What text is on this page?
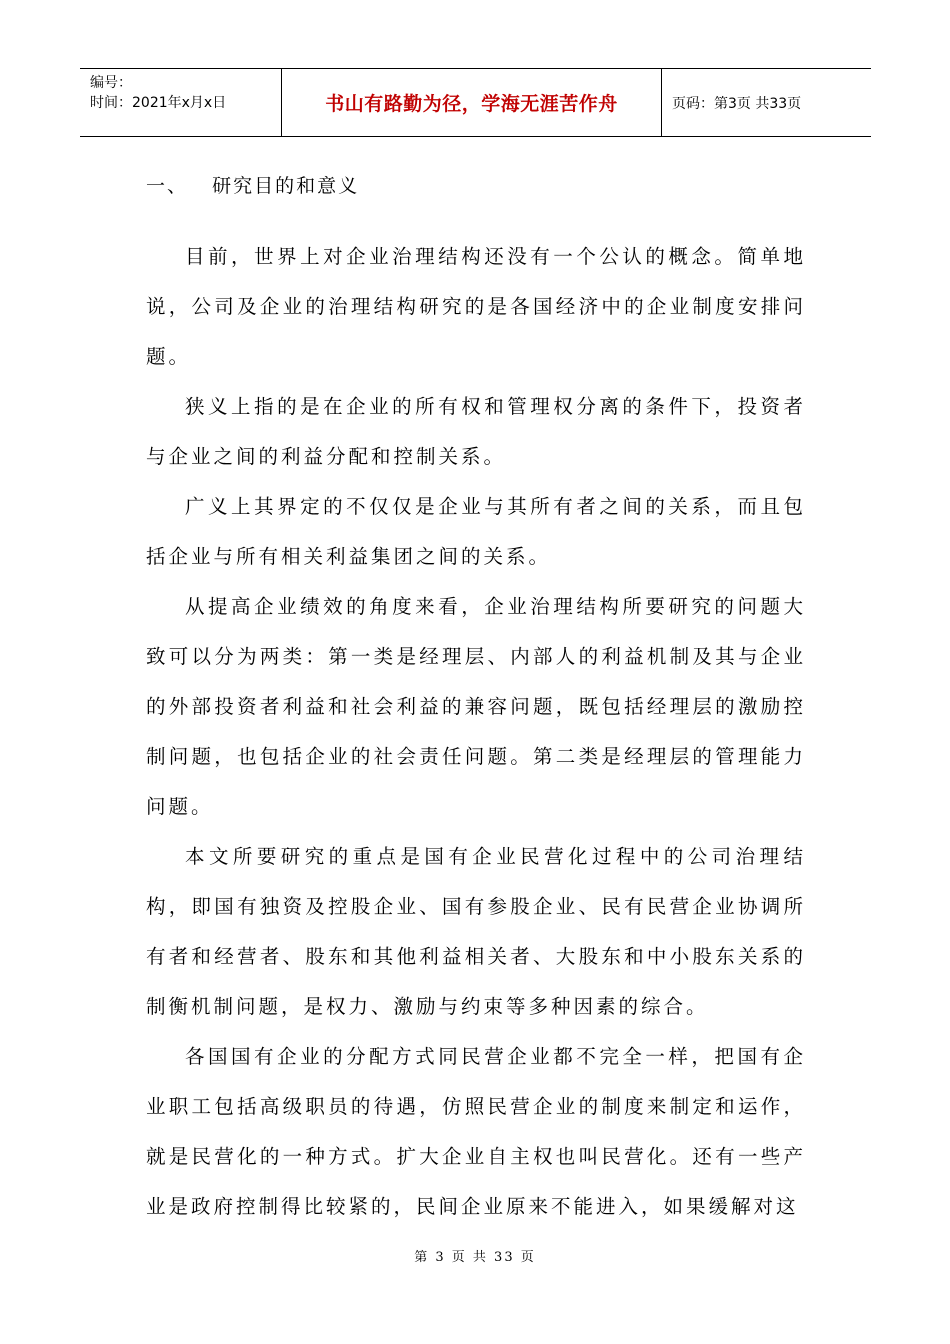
编号：
时间：2021年x月x日	书山有路勤为径，学海无涯苦作舟	页码：第3页 共33页
一、   研究目的和意义

目前，世界上对企业治理结构还没有一个公认的概念。简单地说，公司及企业的治理结构研究的是各国经济中的企业制度安排问题。

狭义上指的是在企业的所有权和管理权分离的条件下，投资者与企业之间的利益分配和控制关系。

广义上其界定的不仅仅是企业与其所有者之间的关系，而且包括企业与所有相关利益集团之间的关系。

从提高企业绩效的角度来看，企业治理结构所要研究的问题大致可以分为两类：第一类是经理层、内部人的利益机制及其与企业的外部投资者利益和社会利益的兼容问题，既包括经理层的激励控制问题，也包括企业的社会责任问题。第二类是经理层的管理能力问题。

本文所要研究的重点是国有企业民营化过程中的公司治理结构，即国有独资及控股企业、国有参股企业、民有民营企业协调所有者和经营者、股东和其他利益相关者、大股东和中小股东关系的制衡机制问题，是权力、激励与约束等多种因素的综合。

各国国有企业的分配方式同民营企业都不完全一样，把国有企业职工包括高级职员的待遇，仿照民营企业的制度来制定和运作，就是民营化的一种方式。扩大企业自主权也叫民营化。还有一些产业是政府控制得比较紧的，民间企业原来不能进入，如果缓解对这

第 3 页 共 33 页
